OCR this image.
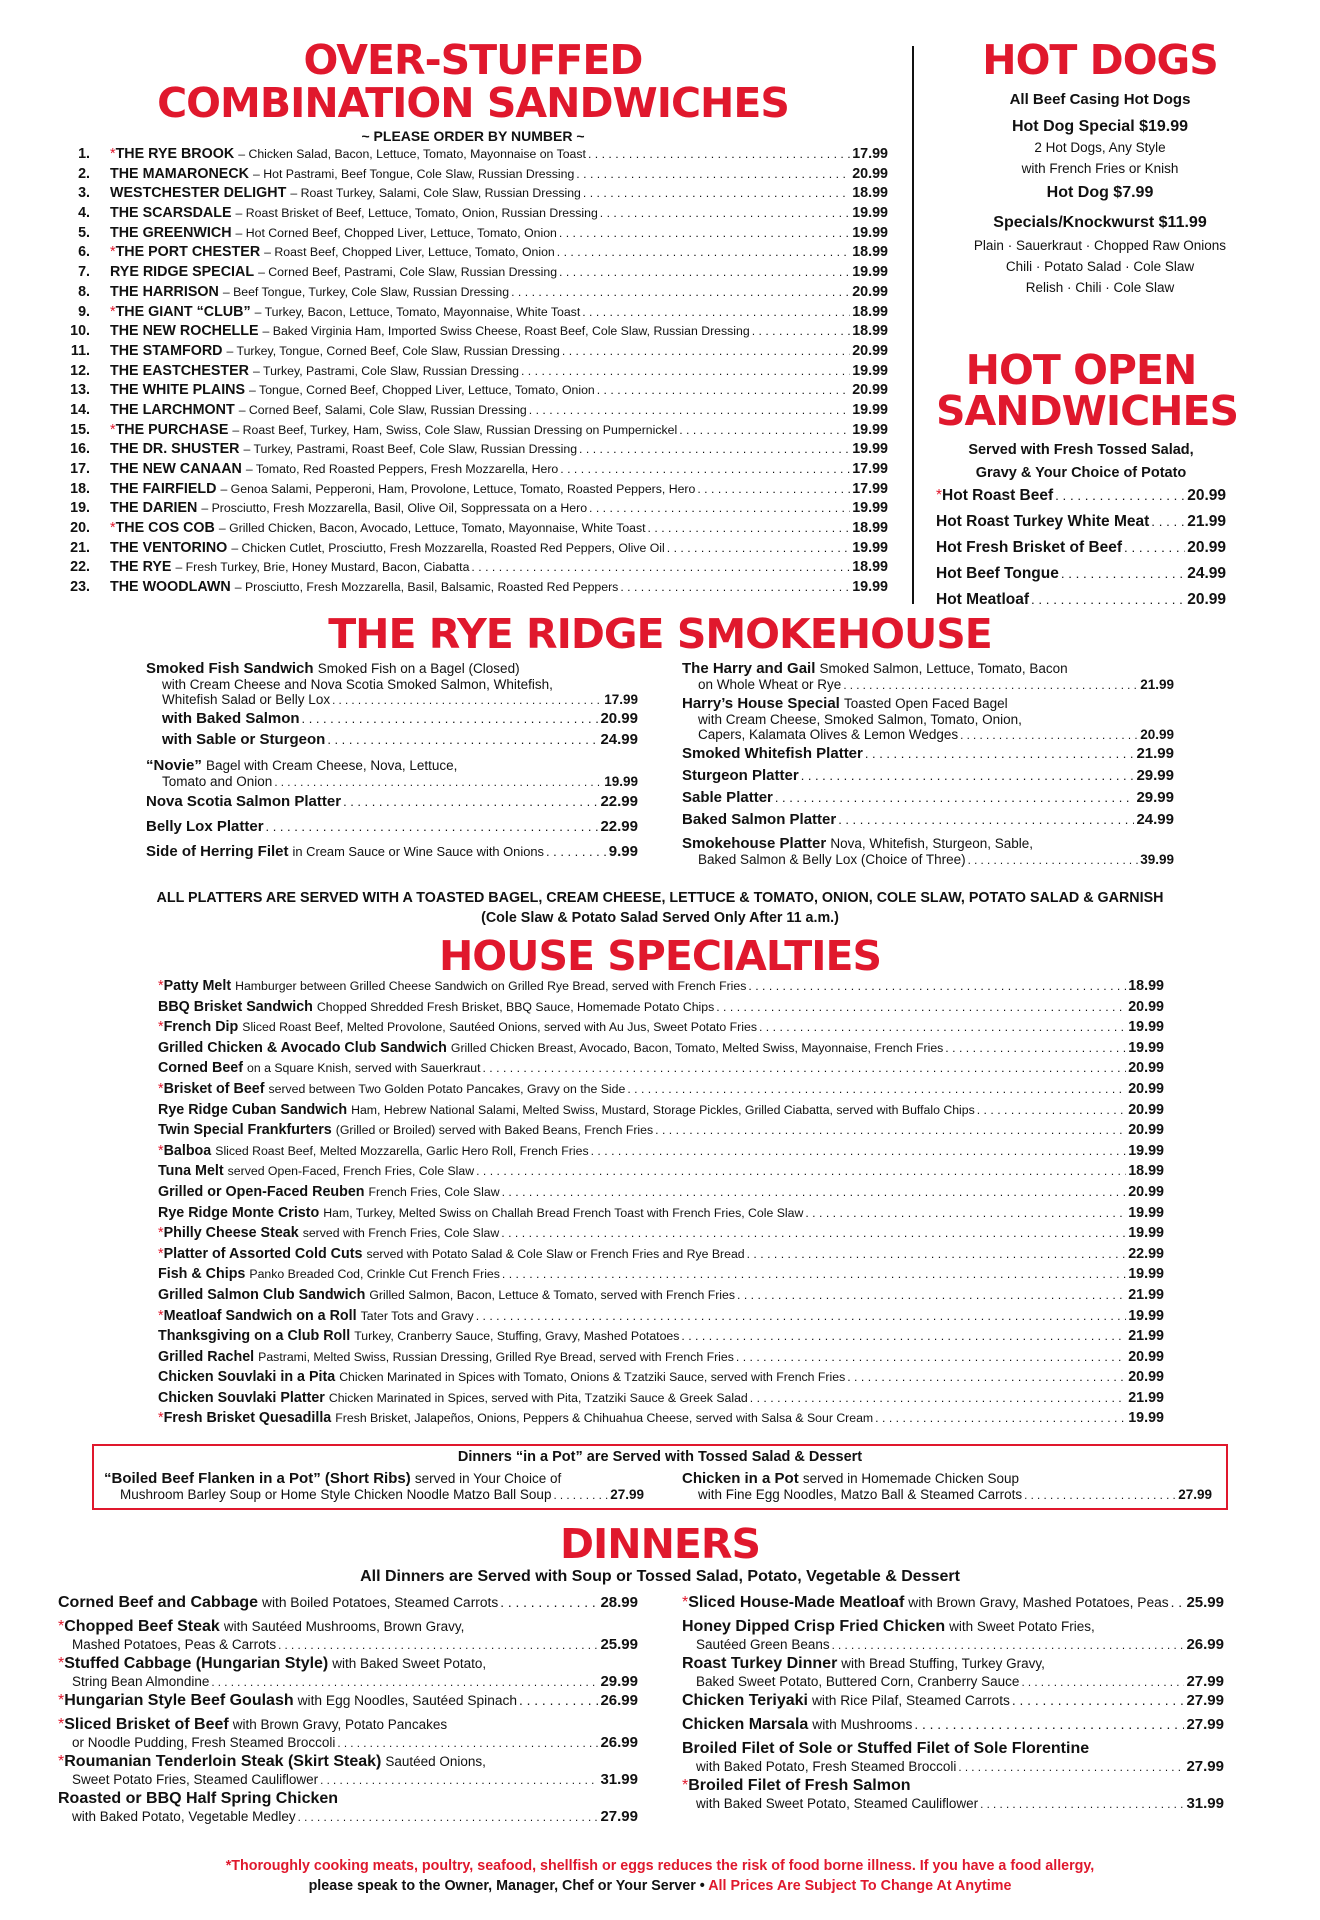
OVER-STUFFED
COMBINATION SANDWICHES
~ PLEASE ORDER BY NUMBER ~
1. * THE RYE BROOK – Chicken Salad, Bacon, Lettuce, Tomato, Mayonnaise on Toast . . .	17.99
2. THE MAMARONECK – Hot Pastrami, Beef Tongue, Cole Slaw, Russian Dressing . . .	20.99
3. WESTCHESTER DELIGHT – Roast Turkey, Salami, Cole Slaw, Russian Dressing . . .	18.99
4. THE SCARSDALE – Roast Brisket of Beef, Lettuce, Tomato, Onion, Russian Dressing . . .	19.99
5. THE GREENWICH – Hot Corned Beef, Chopped Liver, Lettuce, Tomato, Onion . . .	19.99
6. * THE PORT CHESTER – Roast Beef, Chopped Liver, Lettuce, Tomato, Onion . . .	18.99
7. RYE RIDGE SPECIAL – Corned Beef, Pastrami, Cole Slaw, Russian Dressing . . .	19.99
8. THE HARRISON – Beef Tongue, Turkey, Cole Slaw, Russian Dressing . . .	20.99
9. * THE GIANT “CLUB” – Turkey, Bacon, Lettuce, Tomato, Mayonnaise, White Toast . . .	18.99
10. THE NEW ROCHELLE – Baked Virginia Ham, Imported Swiss Cheese, Roast Beef, Cole Slaw, Russian Dressing . . .	18.99
11. THE STAMFORD – Turkey, Tongue, Corned Beef, Cole Slaw, Russian Dressing . . .	20.99
12. THE EASTCHESTER – Turkey, Pastrami, Cole Slaw, Russian Dressing . . .	19.99
13. THE WHITE PLAINS – Tongue, Corned Beef, Chopped Liver, Lettuce, Tomato, Onion . . .	20.99
14. THE LARCHMONT – Corned Beef, Salami, Cole Slaw, Russian Dressing . . .	19.99
15. * THE PURCHASE – Roast Beef, Turkey, Ham, Swiss, Cole Slaw, Russian Dressing on Pumpernickel . . .	19.99
16. THE DR. SHUSTER – Turkey, Pastrami, Roast Beef, Cole Slaw, Russian Dressing . . .	19.99
17. THE NEW CANAAN – Tomato, Red Roasted Peppers, Fresh Mozzarella, Hero . . .	17.99
18. THE FAIRFIELD – Genoa Salami, Pepperoni, Ham, Provolone, Lettuce, Tomato, Roasted Peppers, Hero . . .	17.99
19. THE DARIEN – Prosciutto, Fresh Mozzarella, Basil, Olive Oil, Soppressata on a Hero . . .	19.99
20. * THE COS COB – Grilled Chicken, Bacon, Avocado, Lettuce, Tomato, Mayonnaise, White Toast . . .	18.99
21. THE VENTORINO – Chicken Cutlet, Prosciutto, Fresh Mozzarella, Roasted Red Peppers, Olive Oil . . .	19.99
22. THE RYE – Fresh Turkey, Brie, Honey Mustard, Bacon, Ciabatta . . .	18.99
23. THE WOODLAWN – Prosciutto, Fresh Mozzarella, Basil, Balsamic, Roasted Red Peppers . . .	19.99
HOT DOGS
All Beef Casing Hot Dogs
Hot Dog Special $19.99
2 Hot Dogs, Any Style
with French Fries or Knish
Hot Dog $7.99
Specials/Knockwurst $11.99
Plain · Sauerkraut · Chopped Raw Onions
Chili · Potato Salad · Cole Slaw
Relish · Chili · Cole Slaw
HOT OPEN
SANDWICHES
Served with Fresh Tossed Salad,
Gravy & Your Choice of Potato
* Hot Roast Beef . . .	20.99
Hot Roast Turkey White Meat . . . 21.99
Hot Fresh Brisket of Beef . . .	20.99
Hot Beef Tongue . . .	24.99
Hot Meatloaf . . .	20.99
THE RYE RIDGE SMOKEHOUSE
Smoked Fish Sandwich Smoked Fish on a Bagel (Closed)
with Cream Cheese and Nova Scotia Smoked Salmon, Whitefish,
Whitefish Salad or Belly Lox . . .	17.99
with Baked Salmon . . .	20.99
with Sable or Sturgeon . . .	24.99
“Novie” Bagel with Cream Cheese, Nova, Lettuce,
Tomato and Onion . . .	19.99
Nova Scotia Salmon Platter . . .	22.99
Belly Lox Platter . . .	22.99
Side of Herring Filet in Cream Sauce or Wine Sauce with Onions . . .	9.99
The Harry and Gail Smoked Salmon, Lettuce, Tomato, Bacon
on Whole Wheat or Rye . . .	21.99
Harry’s House Special Toasted Open Faced Bagel
with Cream Cheese, Smoked Salmon, Tomato, Onion,
Capers, Kalamata Olives & Lemon Wedges . . .	20.99
Smoked Whitefish Platter . . .	21.99
Sturgeon Platter . . .	29.99
Sable Platter . . .	29.99
Baked Salmon Platter . . .	24.99
Smokehouse Platter Nova, Whitefish, Sturgeon, Sable,
Baked Salmon & Belly Lox (Choice of Three) . . .	39.99
ALL PLATTERS ARE SERVED WITH A TOASTED BAGEL, CREAM CHEESE, LETTUCE & TOMATO, ONION, COLE SLAW, POTATO SALAD & GARNISH
(Cole Slaw & Potato Salad Served Only After 11 a.m.)
HOUSE SPECIALTIES
* Patty Melt Hamburger between Grilled Cheese Sandwich on Grilled Rye Bread, served with French Fries . . .	18.99
BBQ Brisket Sandwich Chopped Shredded Fresh Brisket, BBQ Sauce, Homemade Potato Chips . . .	20.99
* French Dip Sliced Roast Beef, Melted Provolone, Sautéed Onions, served with Au Jus, Sweet Potato Fries . . .	19.99
Grilled Chicken & Avocado Club Sandwich Grilled Chicken Breast, Avocado, Bacon, Tomato, Melted Swiss, Mayonnaise, French Fries . . .	19.99
Corned Beef on a Square Knish, served with Sauerkraut . . .	20.99
* Brisket of Beef served between Two Golden Potato Pancakes, Gravy on the Side . . .	20.99
Rye Ridge Cuban Sandwich Ham, Hebrew National Salami, Melted Swiss, Mustard, Storage Pickles, Grilled Ciabatta, served with Buffalo Chips . . .	20.99
Twin Special Frankfurters (Grilled or Broiled) served with Baked Beans, French Fries . . .	20.99
* Balboa Sliced Roast Beef, Melted Mozzarella, Garlic Hero Roll, French Fries . . .	19.99
Tuna Melt served Open-Faced, French Fries, Cole Slaw . . .	18.99
Grilled or Open-Faced Reuben French Fries, Cole Slaw . . .	20.99
Rye Ridge Monte Cristo Ham, Turkey, Melted Swiss on Challah Bread French Toast with French Fries, Cole Slaw . . .	19.99
* Philly Cheese Steak served with French Fries, Cole Slaw . . .	19.99
* Platter of Assorted Cold Cuts served with Potato Salad & Cole Slaw or French Fries and Rye Bread . . .	22.99
Fish & Chips Panko Breaded Cod, Crinkle Cut French Fries . . .	19.99
Grilled Salmon Club Sandwich Grilled Salmon, Bacon, Lettuce & Tomato, served with French Fries . . .	21.99
* Meatloaf Sandwich on a Roll Tater Tots and Gravy . . .	19.99
Thanksgiving on a Club Roll Turkey, Cranberry Sauce, Stuffing, Gravy, Mashed Potatoes . . .	21.99
Grilled Rachel Pastrami, Melted Swiss, Russian Dressing, Grilled Rye Bread, served with French Fries . . .	20.99
Chicken Souvlaki in a Pita Chicken Marinated in Spices with Tomato, Onions & Tzatziki Sauce, served with French Fries . . .	20.99
Chicken Souvlaki Platter Chicken Marinated in Spices, served with Pita, Tzatziki Sauce & Greek Salad . . .	21.99
* Fresh Brisket Quesadilla Fresh Brisket, Jalapeños, Onions, Peppers & Chihuahua Cheese, served with Salsa & Sour Cream . . .	19.99
Dinners “in a Pot” are Served with Tossed Salad & Dessert
“Boiled Beef Flanken in a Pot” (Short Ribs) served in Your Choice of
Mushroom Barley Soup or Home Style Chicken Noodle Matzo Ball Soup . . .	27.99
Chicken in a Pot served in Homemade Chicken Soup
with Fine Egg Noodles, Matzo Ball & Steamed Carrots . . .	27.99
DINNERS
All Dinners are Served with Soup or Tossed Salad, Potato, Vegetable & Dessert
Corned Beef and Cabbage with Boiled Potatoes, Steamed Carrots . . .	28.99
*Chopped Beef Steak with Sautéed Mushrooms, Brown Gravy,
Mashed Potatoes, Peas & Carrots . . .	25.99
*Stuffed Cabbage (Hungarian Style) with Baked Sweet Potato,
String Bean Almondine . . .	29.99
* Hungarian Style Beef Goulash with Egg Noodles, Sautéed Spinach . . .	26.99
*Sliced Brisket of Beef with Brown Gravy, Potato Pancakes
or Noodle Pudding, Fresh Steamed Broccoli . . .	26.99
*Roumanian Tenderloin Steak (Skirt Steak) Sautéed Onions,
Sweet Potato Fries, Steamed Cauliflower . . .	31.99
Roasted or BBQ Half Spring Chicken
with Baked Potato, Vegetable Medley . . .	27.99
* Sliced House-Made Meatloaf with Brown Gravy, Mashed Potatoes, Peas . . . 25.99
Honey Dipped Crisp Fried Chicken with Sweet Potato Fries,
Sautéed Green Beans . . .	26.99
Roast Turkey Dinner with Bread Stuffing, Turkey Gravy,
Baked Sweet Potato, Buttered Corn, Cranberry Sauce . . .	27.99
Chicken Teriyaki with Rice Pilaf, Steamed Carrots . . .	27.99
Chicken Marsala with Mushrooms . . .	27.99
Broiled Filet of Sole or Stuffed Filet of Sole Florentine
with Baked Potato, Fresh Steamed Broccoli . . .	27.99
*Broiled Filet of Fresh Salmon
with Baked Sweet Potato, Steamed Cauliflower . . .	31.99
*Thoroughly cooking meats, poultry, seafood, shellfish or eggs reduces the risk of food borne illness. If you have a food allergy,
please speak to the Owner, Manager, Chef or Your Server • All Prices Are Subject To Change At Anytime
